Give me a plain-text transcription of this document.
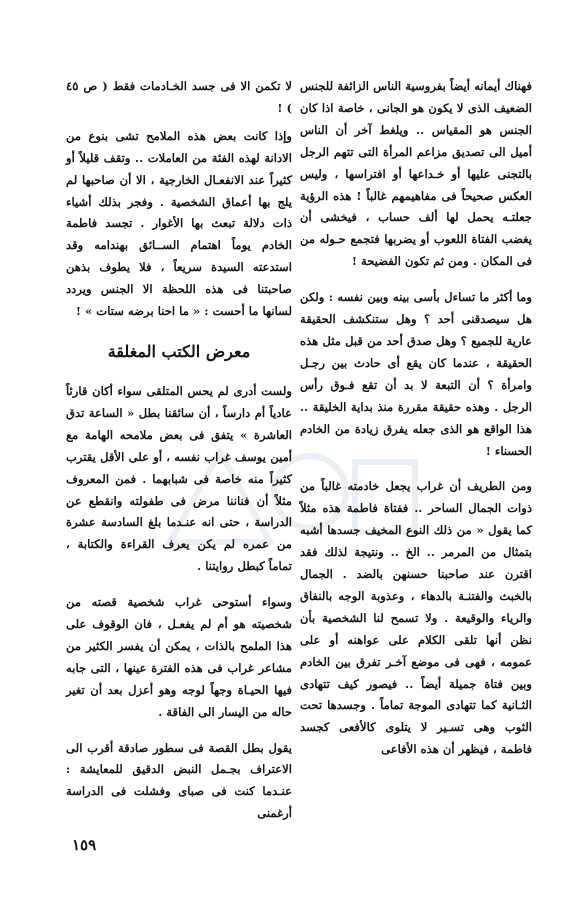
فهناك أيمانه أيضاً بفروسية الناس الزائفة للجنس الضعيف الذى لا يكون هو الجانى ، خاصة اذا كان الجنس هو المقياس .. ويلغط آخر أن الناس أميل الى تصديق مزاعم المرأة التى تتهم الرجل بالتجنى عليها أو خـداعها أو افتراسها ، وليس العكس صحيحاً فى مفاهيمهم غالباً ! هذه الرؤية جعلتـه يحمل لها ألف حساب ، فيخشى أن يغضب الفتاة اللعوب أو يضربها فتجمع حـوله من فى المكان . ومن ثم تكون الفضيحة !

وما أكثر ما تساءل بأسى بينه وبين نفسه : ولكن هل سيصدقنى أحد ؟ وهل ستنكشف الحقيقة عارية للجميع ؟ وهل صدق أحد من قبل مثل هذه الحقيقة ، عندما كان يقع أى حادث بين رجـل وامرأة ؟ أن التبعة لا بد أن تقع فـوق رأس الرجل . وهذه حقيقة مقررة منذ بداية الخليقة .. هذا الواقع هو الذى جعله يفرق زيادة من الخادم الحسناء !

ومن الطريف أن غراب يجعل خادمته غالباً من ذوات الجمال الساحر .. ففتاة فاطمة هذه مثلاً كما يقول « من ذلك النوع المخيف جسدها أشبه بتمثال من المرمر .. الخ .. ونتيجة لذلك فقد اقترن عند صاحبنا حسنهن بالضد . الجمال بالخبث والفتنـة بالدهاء ، وعذوبة الوجه بالنفاق والرياء والوقيعة . ولا تسمح لنا الشخصية بأن نظن أنها تلقى الكلام على عواهنه أو على عمومه ، فهى فى موضع آخـر تفرق بين الخادم وبين فتاة جميلة أيضاً .. فيصور كيف تتهادى الثـانية كما تتهادى الموجة تماماً . وجسدها تحت الثوب وهى تسـير لا يتلوى كالأفعى كجسد فاطمة ، فيظهر أن هذه الأفاعى

لا تكمن الا فى جسد الخـادمات فقط ( ص ٤٥ ) !

وإذا كانت بعض هذه الملامح تشى بنوع من الادانة لهذه الفئة من العاملات .. وتقف قليلاً أو كثيراً عند الانفعـال الخارجية ، الا أن صاحبها لم يلج بها أعماق الشخصية . وفجر بذلك أشياء ذات دلالة تبعث بها الأغوار . تجسد فاطمة الخادم يوماً اهتمام الســائق بهندامه وقد استدعته السيدة سريعاً ، فلا يطوف بذهن صاحبتنا فى هذه اللحظة الا الجنس ويردد لسانها ما أحست : « ما احنا برضه ستات » !

معرض الكتب المغلقة

ولست أدرى لم يحس المتلقى سواء أكان قارئاً عادياً أم دارساً ، أن سائقنا بطل « الساعة تدق العاشرة » يتفق فى بعض ملامحه الهامة مع أمين يوسف غراب نفسه ، أو على الأقل يقترب كثيراً منه خاصة فى شبابهما . فمن المعروف مثلاً أن فناننا مرض فى طفولته وانقطع عن الدراسة ، حتى انه عنـدما بلغ السادسة عشرة من عمره لم يكن يعرف القراءة والكتابة ، تماماً كبطل روايتنا .

وسواء أستوحى غراب شخصية قصته من شخصيته هو أم لم يفعـل ، فان الوقوف على هذا الملمح بالذات ، يمكن أن يفسر الكثير من مشاعر غراب فى هذه الفترة عينها ، التى جابه فيها الحيـاة وجهاً لوجه وهو أعزل بعد أن تغير حاله من اليسار الى الفاقة .

يقول بطل القصة فى سطور صادقة أقرب الى الاعتراف بجـمل النبض الدقيق للمعايشة : عنـدما كنت فى صباى وفشلت فى الدراسة أرغمنى

١٥٩
